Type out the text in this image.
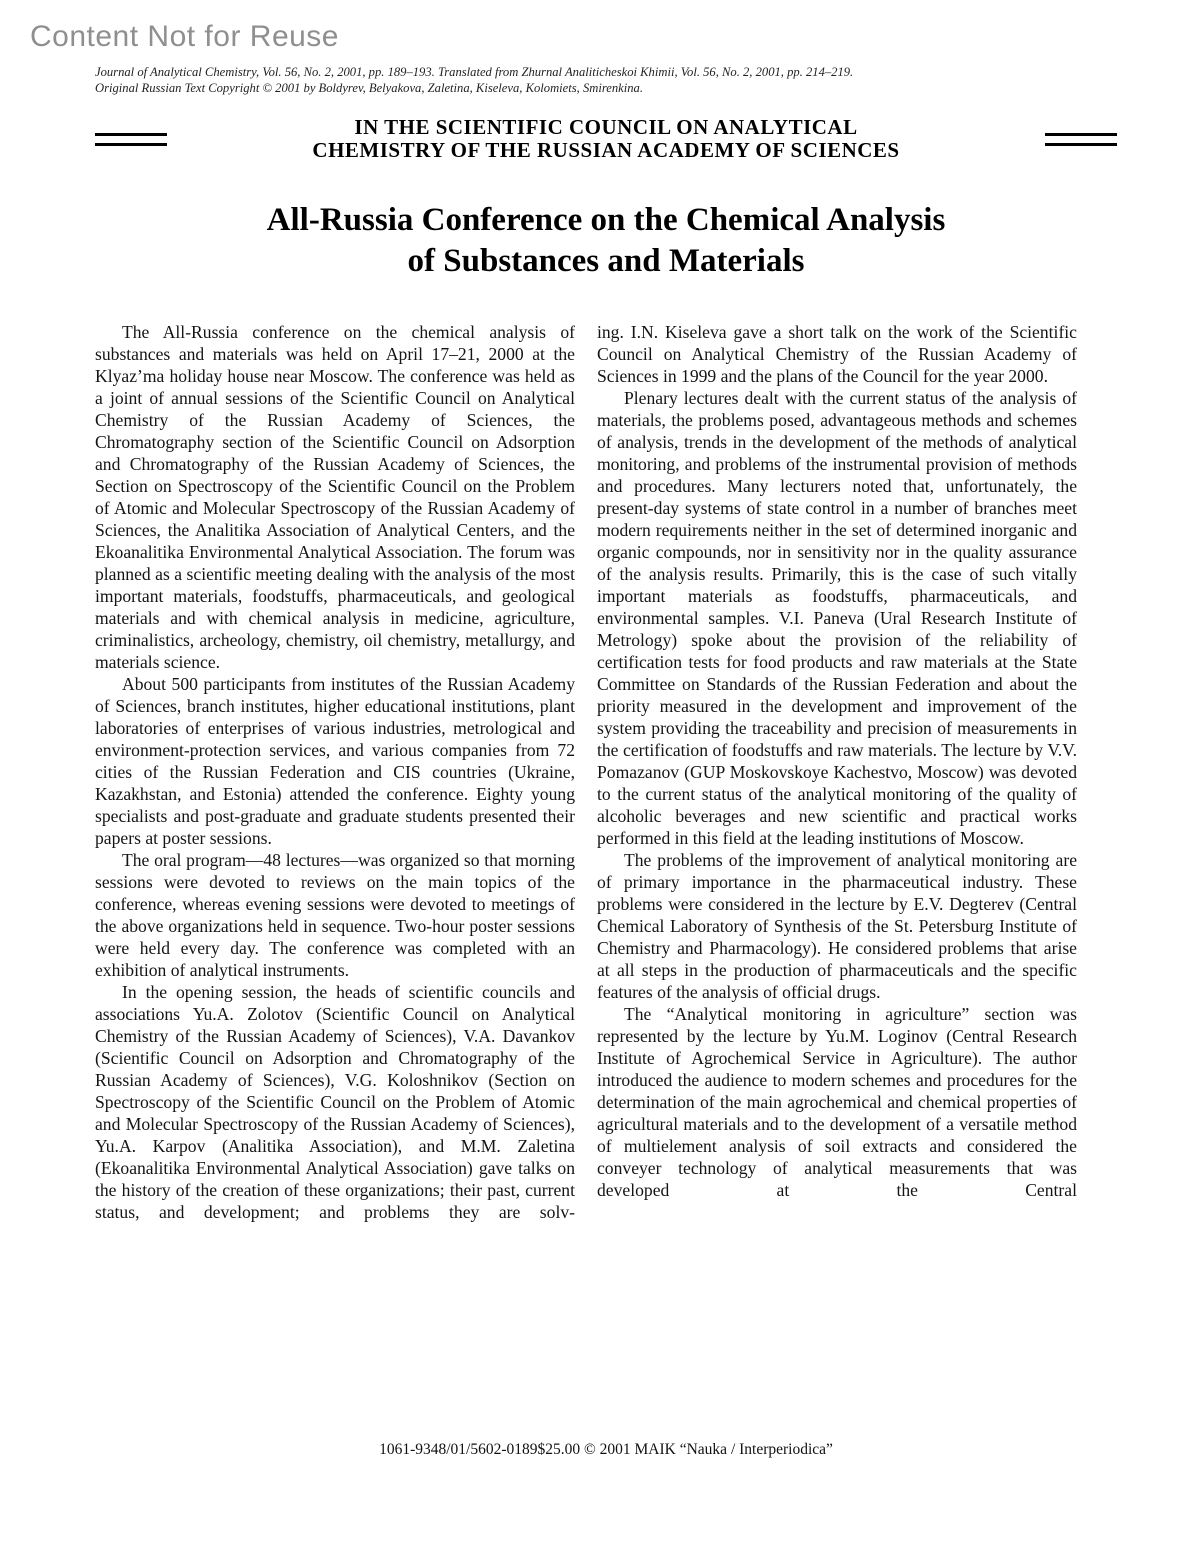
Content Not for Reuse
Journal of Analytical Chemistry, Vol. 56, No. 2, 2001, pp. 189–193. Translated from Zhurnal Analiticheskoi Khimii, Vol. 56, No. 2, 2001, pp. 214–219.
Original Russian Text Copyright © 2001 by Boldyrev, Belyakova, Zaletina, Kiseleva, Kolomiets, Smirenkina.
IN THE SCIENTIFIC COUNCIL ON ANALYTICAL
CHEMISTRY OF THE RUSSIAN ACADEMY OF SCIENCES
All-Russia Conference on the Chemical Analysis
of Substances and Materials

The All-Russia conference on the chemical analysis of substances and materials was held on April 17–21, 2000 at the Klyaz’ma holiday house near Moscow. The conference was held as a joint of annual sessions of the Scientific Council on Analytical Chemistry of the Russian Academy of Sciences, the Chromatography section of the Scientific Council on Adsorption and Chromatography of the Russian Academy of Sciences, the Section on Spectroscopy of the Scientific Council on the Problem of Atomic and Molecular Spectroscopy of the Russian Academy of Sciences, the Analitika Association of Analytical Centers, and the Ekoanalitika Environmental Analytical Association. The forum was planned as a scientific meeting dealing with the analysis of the most important materials, foodstuffs, pharmaceuticals, and geological materials and with chemical analysis in medicine, agriculture, criminalistics, archeology, chemistry, oil chemistry, metallurgy, and materials science.

About 500 participants from institutes of the Russian Academy of Sciences, branch institutes, higher educational institutions, plant laboratories of enterprises of various industries, metrological and environment-protection services, and various companies from 72 cities of the Russian Federation and CIS countries (Ukraine, Kazakhstan, and Estonia) attended the conference. Eighty young specialists and post-graduate and graduate students presented their papers at poster sessions.

The oral program—48 lectures—was organized so that morning sessions were devoted to reviews on the main topics of the conference, whereas evening sessions were devoted to meetings of the above organizations held in sequence. Two-hour poster sessions were held every day. The conference was completed with an exhibition of analytical instruments.

In the opening session, the heads of scientific councils and associations Yu.A. Zolotov (Scientific Council on Analytical Chemistry of the Russian Academy of Sciences), V.A. Davankov (Scientific Council on Adsorption and Chromatography of the Russian Academy of Sciences), V.G. Koloshnikov (Section on Spectroscopy of the Scientific Council on the Problem of Atomic and Molecular Spectroscopy of the Russian Academy of Sciences), Yu.A. Karpov (Analitika Association), and M.M. Zaletina (Ekoanalitika Environmental Analytical Association) gave talks on the history of the creation of these organizations; their past, current status, and development; and problems they are solv-

ing. I.N. Kiseleva gave a short talk on the work of the Scientific Council on Analytical Chemistry of the Russian Academy of Sciences in 1999 and the plans of the Council for the year 2000.

Plenary lectures dealt with the current status of the analysis of materials, the problems posed, advantageous methods and schemes of analysis, trends in the development of the methods of analytical monitoring, and problems of the instrumental provision of methods and procedures. Many lecturers noted that, unfortunately, the present-day systems of state control in a number of branches meet modern requirements neither in the set of determined inorganic and organic compounds, nor in sensitivity nor in the quality assurance of the analysis results. Primarily, this is the case of such vitally important materials as foodstuffs, pharmaceuticals, and environmental samples. V.I. Paneva (Ural Research Institute of Metrology) spoke about the provision of the reliability of certification tests for food products and raw materials at the State Committee on Standards of the Russian Federation and about the priority measured in the development and improvement of the system providing the traceability and precision of measurements in the certification of foodstuffs and raw materials. The lecture by V.V. Pomazanov (GUP Moskovskoye Kachestvo, Moscow) was devoted to the current status of the analytical monitoring of the quality of alcoholic beverages and new scientific and practical works performed in this field at the leading institutions of Moscow.

The problems of the improvement of analytical monitoring are of primary importance in the pharmaceutical industry. These problems were considered in the lecture by E.V. Degterev (Central Chemical Laboratory of Synthesis of the St. Petersburg Institute of Chemistry and Pharmacology). He considered problems that arise at all steps in the production of pharmaceuticals and the specific features of the analysis of official drugs.

The “Analytical monitoring in agriculture” section was represented by the lecture by Yu.M. Loginov (Central Research Institute of Agrochemical Service in Agriculture). The author introduced the audience to modern schemes and procedures for the determination of the main agrochemical and chemical properties of agricultural materials and to the development of a versatile method of multielement analysis of soil extracts and considered the conveyer technology of analytical measurements that was developed at the Central

1061-9348/01/5602-0189$25.00 © 2001 MAIK “Nauka / Interperiodica”
